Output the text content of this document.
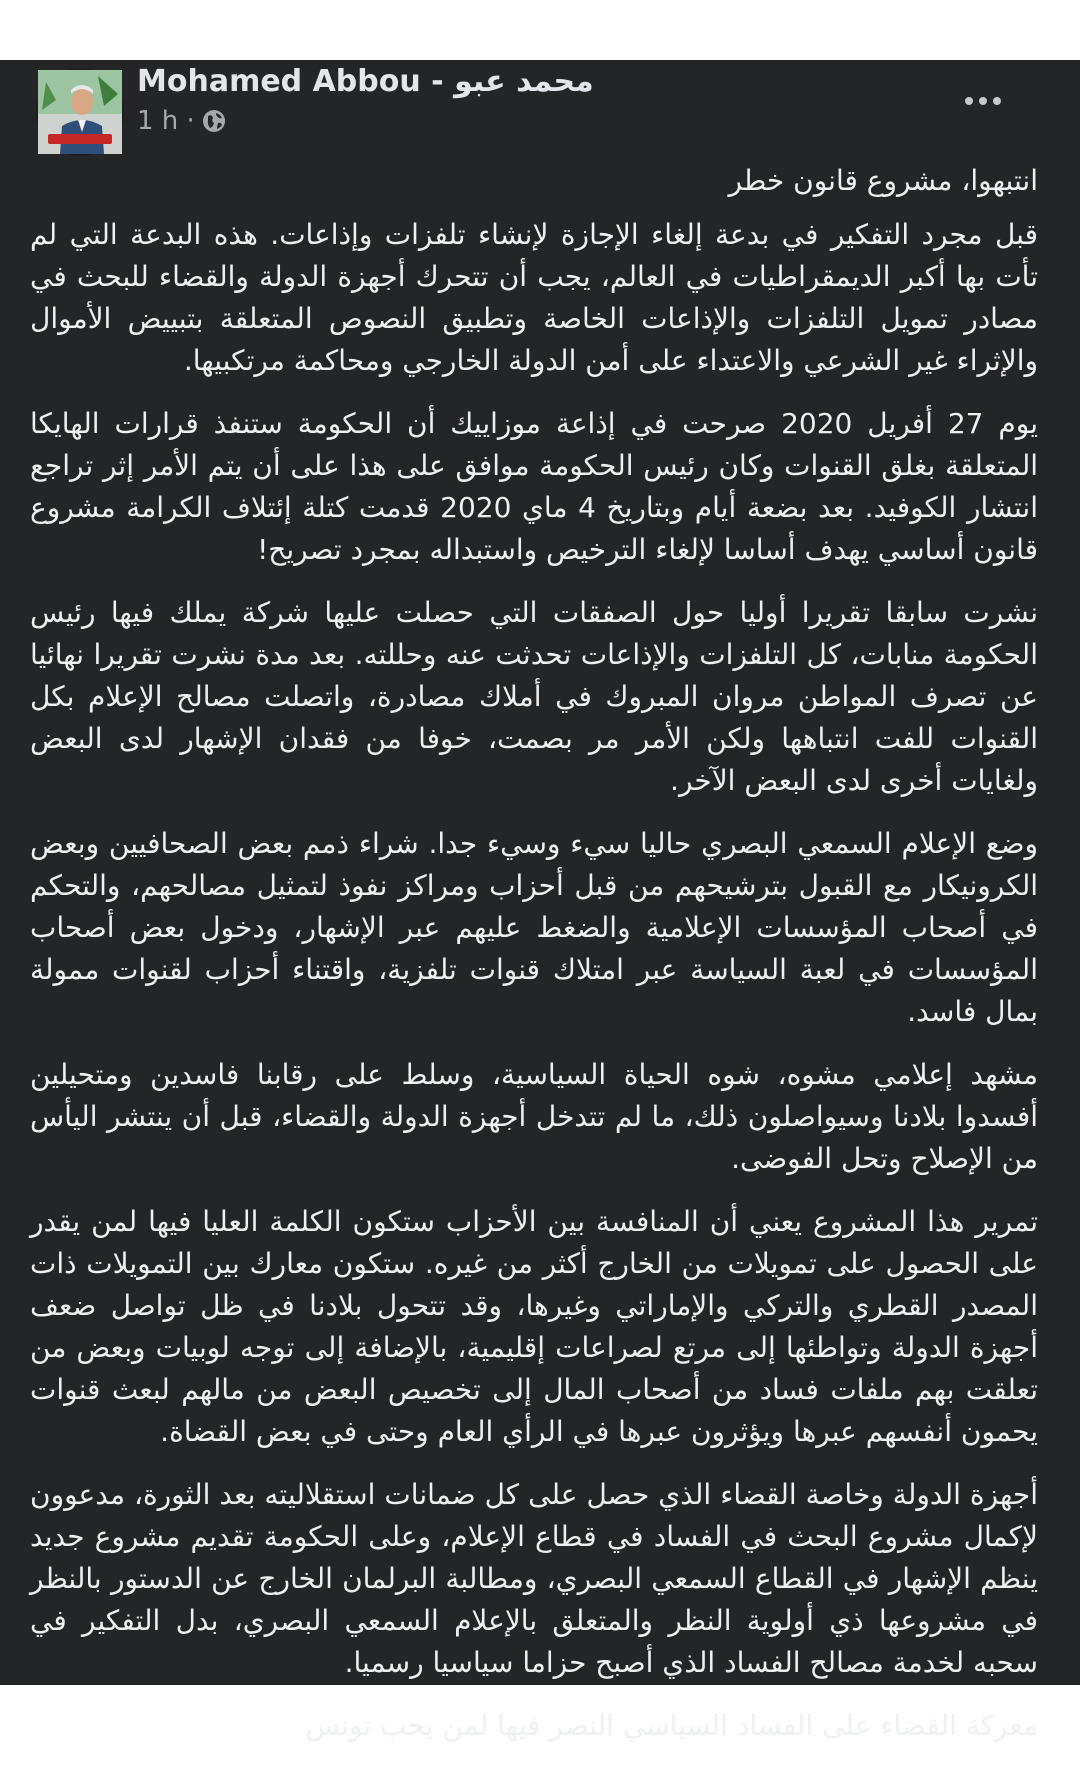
Mohamed Abbou - محمد عبو
1 h ·

انتبهوا، مشروع قانون خطر

قبل مجرد التفكير في بدعة إلغاء الإجازة لإنشاء تلفزات وإذاعات. هذه البدعة التي لم تأت بها أكبر الديمقراطيات في العالم، يجب أن تتحرك أجهزة الدولة والقضاء للبحث في مصادر تمويل التلفزات والإذاعات الخاصة وتطبيق النصوص المتعلقة بتبييض الأموال والإثراء غير الشرعي والاعتداء على أمن الدولة الخارجي ومحاكمة مرتكبيها.

يوم 27 أفريل 2020 صرحت في إذاعة موزاييك أن الحكومة ستنفذ قرارات الهايكا المتعلقة بغلق القنوات وكان رئيس الحكومة موافق على هذا على أن يتم الأمر إثر تراجع انتشار الكوفيد. بعد بضعة أيام وبتاريخ 4 ماي 2020 قدمت كتلة إئتلاف الكرامة مشروع قانون أساسي يهدف أساسا لإلغاء الترخيص واستبداله بمجرد تصريح!

نشرت سابقا تقريرا أوليا حول الصفقات التي حصلت عليها شركة يملك فيها رئيس الحكومة منابات، كل التلفزات والإذاعات تحدثت عنه وحللته. بعد مدة نشرت تقريرا نهائيا عن تصرف المواطن مروان المبروك في أملاك مصادرة، واتصلت مصالح الإعلام بكل القنوات للفت انتباهها ولكن الأمر مر بصمت، خوفا من فقدان الإشهار لدى البعض ولغايات أخرى لدى البعض الآخر.

وضع الإعلام السمعي البصري حاليا سيء وسيء جدا. شراء ذمم بعض الصحافيين وبعض الكرونيكار مع القبول بترشيحهم من قبل أحزاب ومراكز نفوذ لتمثيل مصالحهم، والتحكم في أصحاب المؤسسات الإعلامية والضغط عليهم عبر الإشهار، ودخول بعض أصحاب المؤسسات في لعبة السياسة عبر امتلاك قنوات تلفزية، واقتناء أحزاب لقنوات ممولة بمال فاسد.

مشهد إعلامي مشوه، شوه الحياة السياسية، وسلط على رقابنا فاسدين ومتحيلين أفسدوا بلادنا وسيواصلون ذلك، ما لم تتدخل أجهزة الدولة والقضاء، قبل أن ينتشر اليأس من الإصلاح وتحل الفوضى.

تمرير هذا المشروع يعني أن المنافسة بين الأحزاب ستكون الكلمة العليا فيها لمن يقدر على الحصول على تمويلات من الخارج أكثر من غيره. ستكون معارك بين التمويلات ذات المصدر القطري والتركي والإماراتي وغيرها، وقد تتحول بلادنا في ظل تواصل ضعف أجهزة الدولة وتواطئها إلى مرتع لصراعات إقليمية، بالإضافة إلى توجه لوبيات وبعض من تعلقت بهم ملفات فساد من أصحاب المال إلى تخصيص البعض من مالهم لبعث قنوات يحمون أنفسهم عبرها ويؤثرون عبرها في الرأي العام وحتى في بعض القضاة.

أجهزة الدولة وخاصة القضاء الذي حصل على كل ضمانات استقلاليته بعد الثورة، مدعوون لإكمال مشروع البحث في الفساد في قطاع الإعلام، وعلى الحكومة تقديم مشروع جديد ينظم الإشهار في القطاع السمعي البصري، ومطالبة البرلمان الخارج عن الدستور بالنظر في مشروعها ذي أولوية النظر والمتعلق بالإعلام السمعي البصري، بدل التفكير في سحبه لخدمة مصالح الفساد الذي أصبح حزاما سياسيا رسميا.

معركة القضاء على الفساد السياسي النصر فيها لمن يحب تونس
